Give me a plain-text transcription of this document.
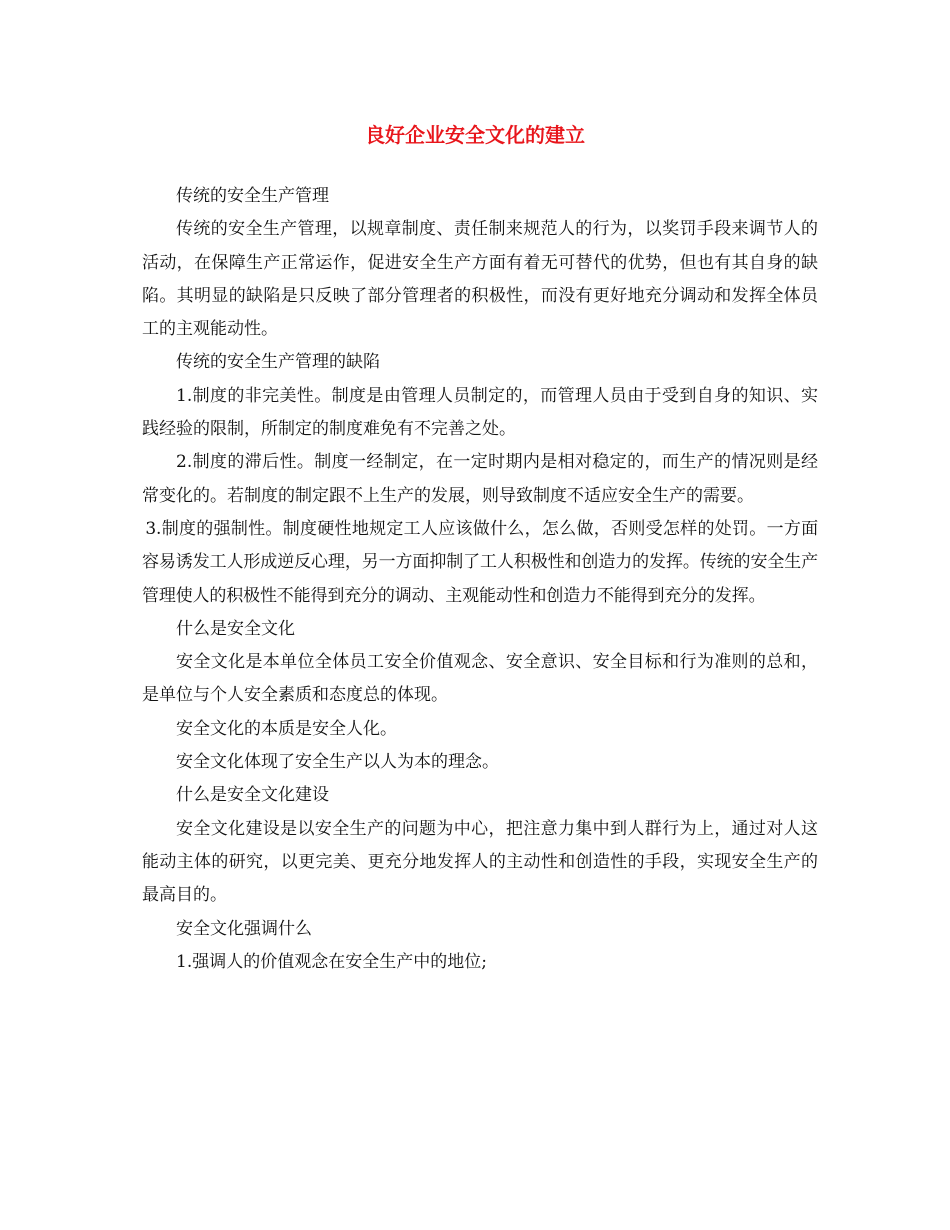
良好企业安全文化的建立

传统的安全生产管理

传统的安全生产管理，以规章制度、责任制来规范人的行为，以奖罚手段来调节人的活动，在保障生产正常运作，促进安全生产方面有着无可替代的优势，但也有其自身的缺陷。其明显的缺陷是只反映了部分管理者的积极性，而没有更好地充分调动和发挥全体员工的主观能动性。

传统的安全生产管理的缺陷

1.制度的非完美性。制度是由管理人员制定的，而管理人员由于受到自身的知识、实践经验的限制，所制定的制度难免有不完善之处。

2.制度的滞后性。制度一经制定，在一定时期内是相对稳定的，而生产的情况则是经常变化的。若制度的制定跟不上生产的发展，则导致制度不适应安全生产的需要。

3.制度的强制性。制度硬性地规定工人应该做什么，怎么做，否则受怎样的处罚。一方面容易诱发工人形成逆反心理，另一方面抑制了工人积极性和创造力的发挥。传统的安全生产管理使人的积极性不能得到充分的调动、主观能动性和创造力不能得到充分的发挥。

什么是安全文化

安全文化是本单位全体员工安全价值观念、安全意识、安全目标和行为准则的总和，是单位与个人安全素质和态度总的体现。

安全文化的本质是安全人化。

安全文化体现了安全生产以人为本的理念。

什么是安全文化建设

安全文化建设是以安全生产的问题为中心，把注意力集中到人群行为上，通过对人这能动主体的研究，以更完美、更充分地发挥人的主动性和创造性的手段，实现安全生产的最高目的。

安全文化强调什么

1.强调人的价值观念在安全生产中的地位;
